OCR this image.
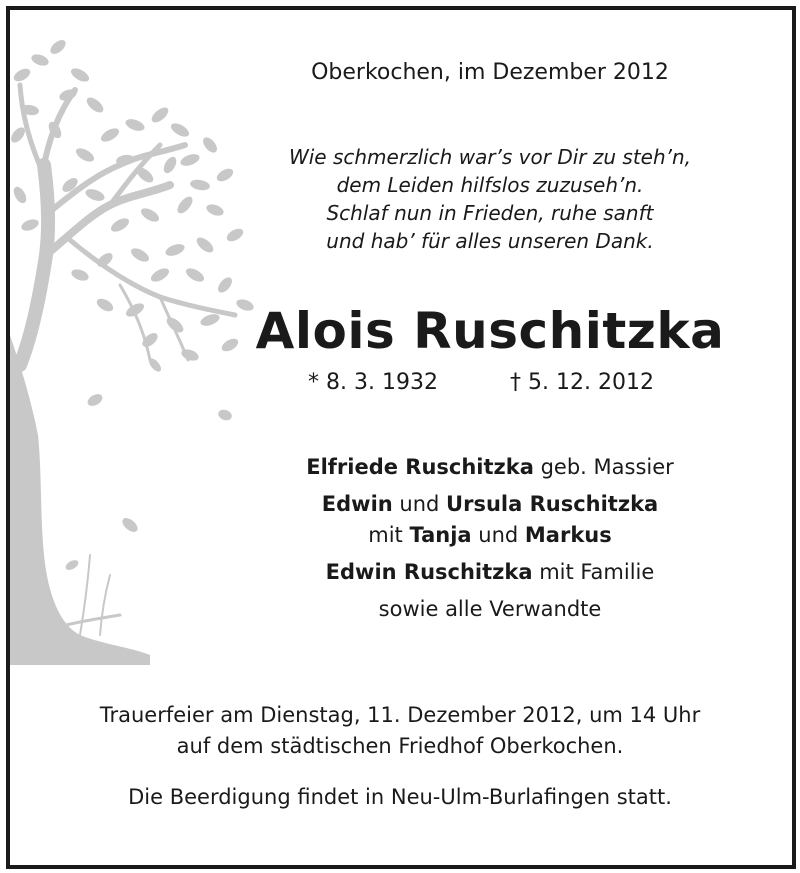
Oberkochen, im Dezember 2012
Wie schmerzlich war’s vor Dir zu steh’n,
dem Leiden hilfslos zuzuseh’n.
Schlaf nun in Frieden, ruhe sanft
und hab’ für alles unseren Dank.
Alois Ruschitzka
* 8. 3. 1932	† 5. 12. 2012
Elfriede Ruschitzka geb. Massier
Edwin und Ursula Ruschitzka
mit Tanja und Markus
Edwin Ruschitzka mit Familie
sowie alle Verwandte
Trauerfeier am Dienstag, 11. Dezember 2012, um 14 Uhr
auf dem städtischen Friedhof Oberkochen.
Die Beerdigung findet in Neu-Ulm-Burlafingen statt.
